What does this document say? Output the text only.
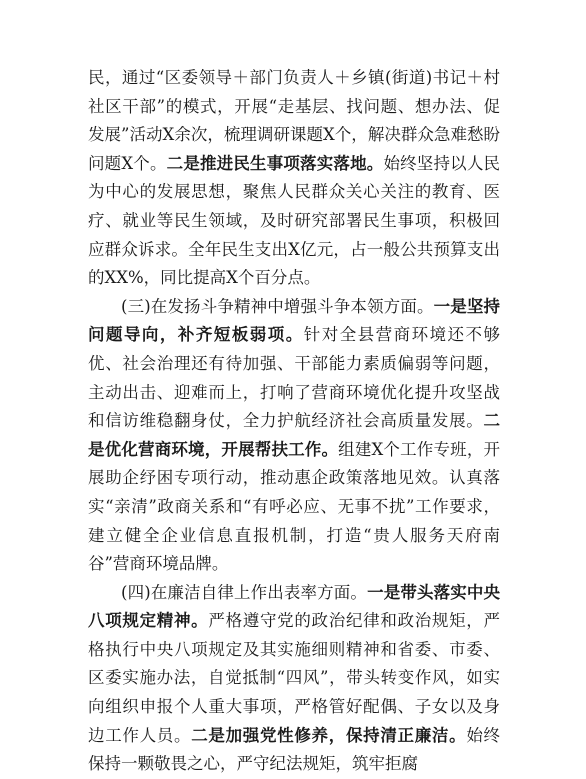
民，通过“区委领导＋部门负责人＋乡镇(街道)书记＋村社区干部”的模式，开展“走基层、找问题、想办法、促发展”活动X余次，梳理调研课题X个，解决群众急难愁盼问题X个。二是推进民生事项落实落地。始终坚持以人民为中心的发展思想，聚焦人民群众关心关注的教育、医疗、就业等民生领域，及时研究部署民生事项，积极回应群众诉求。全年民生支出X亿元，占一般公共预算支出的XX%，同比提高X个百分点。

(三)在发扬斗争精神中增强斗争本领方面。一是坚持问题导向，补齐短板弱项。针对全县营商环境还不够优、社会治理还有待加强、干部能力素质偏弱等问题，主动出击、迎难而上，打响了营商环境优化提升攻坚战和信访维稳翻身仗，全力护航经济社会高质量发展。二是优化营商环境，开展帮扶工作。组建X个工作专班，开展助企纾困专项行动，推动惠企政策落地见效。认真落实“亲清”政商关系和“有呼必应、无事不扰”工作要求，建立健全企业信息直报机制，打造“贵人服务天府南谷”营商环境品牌。

(四)在廉洁自律上作出表率方面。一是带头落实中央八项规定精神。严格遵守党的政治纪律和政治规矩，严格执行中央八项规定及其实施细则精神和省委、市委、区委实施办法，自觉抵制“四风”，带头转变作风，如实向组织申报个人重大事项，严格管好配偶、子女以及身边工作人员。二是加强党性修养，保持清正廉洁。始终保持一颗敬畏之心，严守纪法规矩，筑牢拒腐
